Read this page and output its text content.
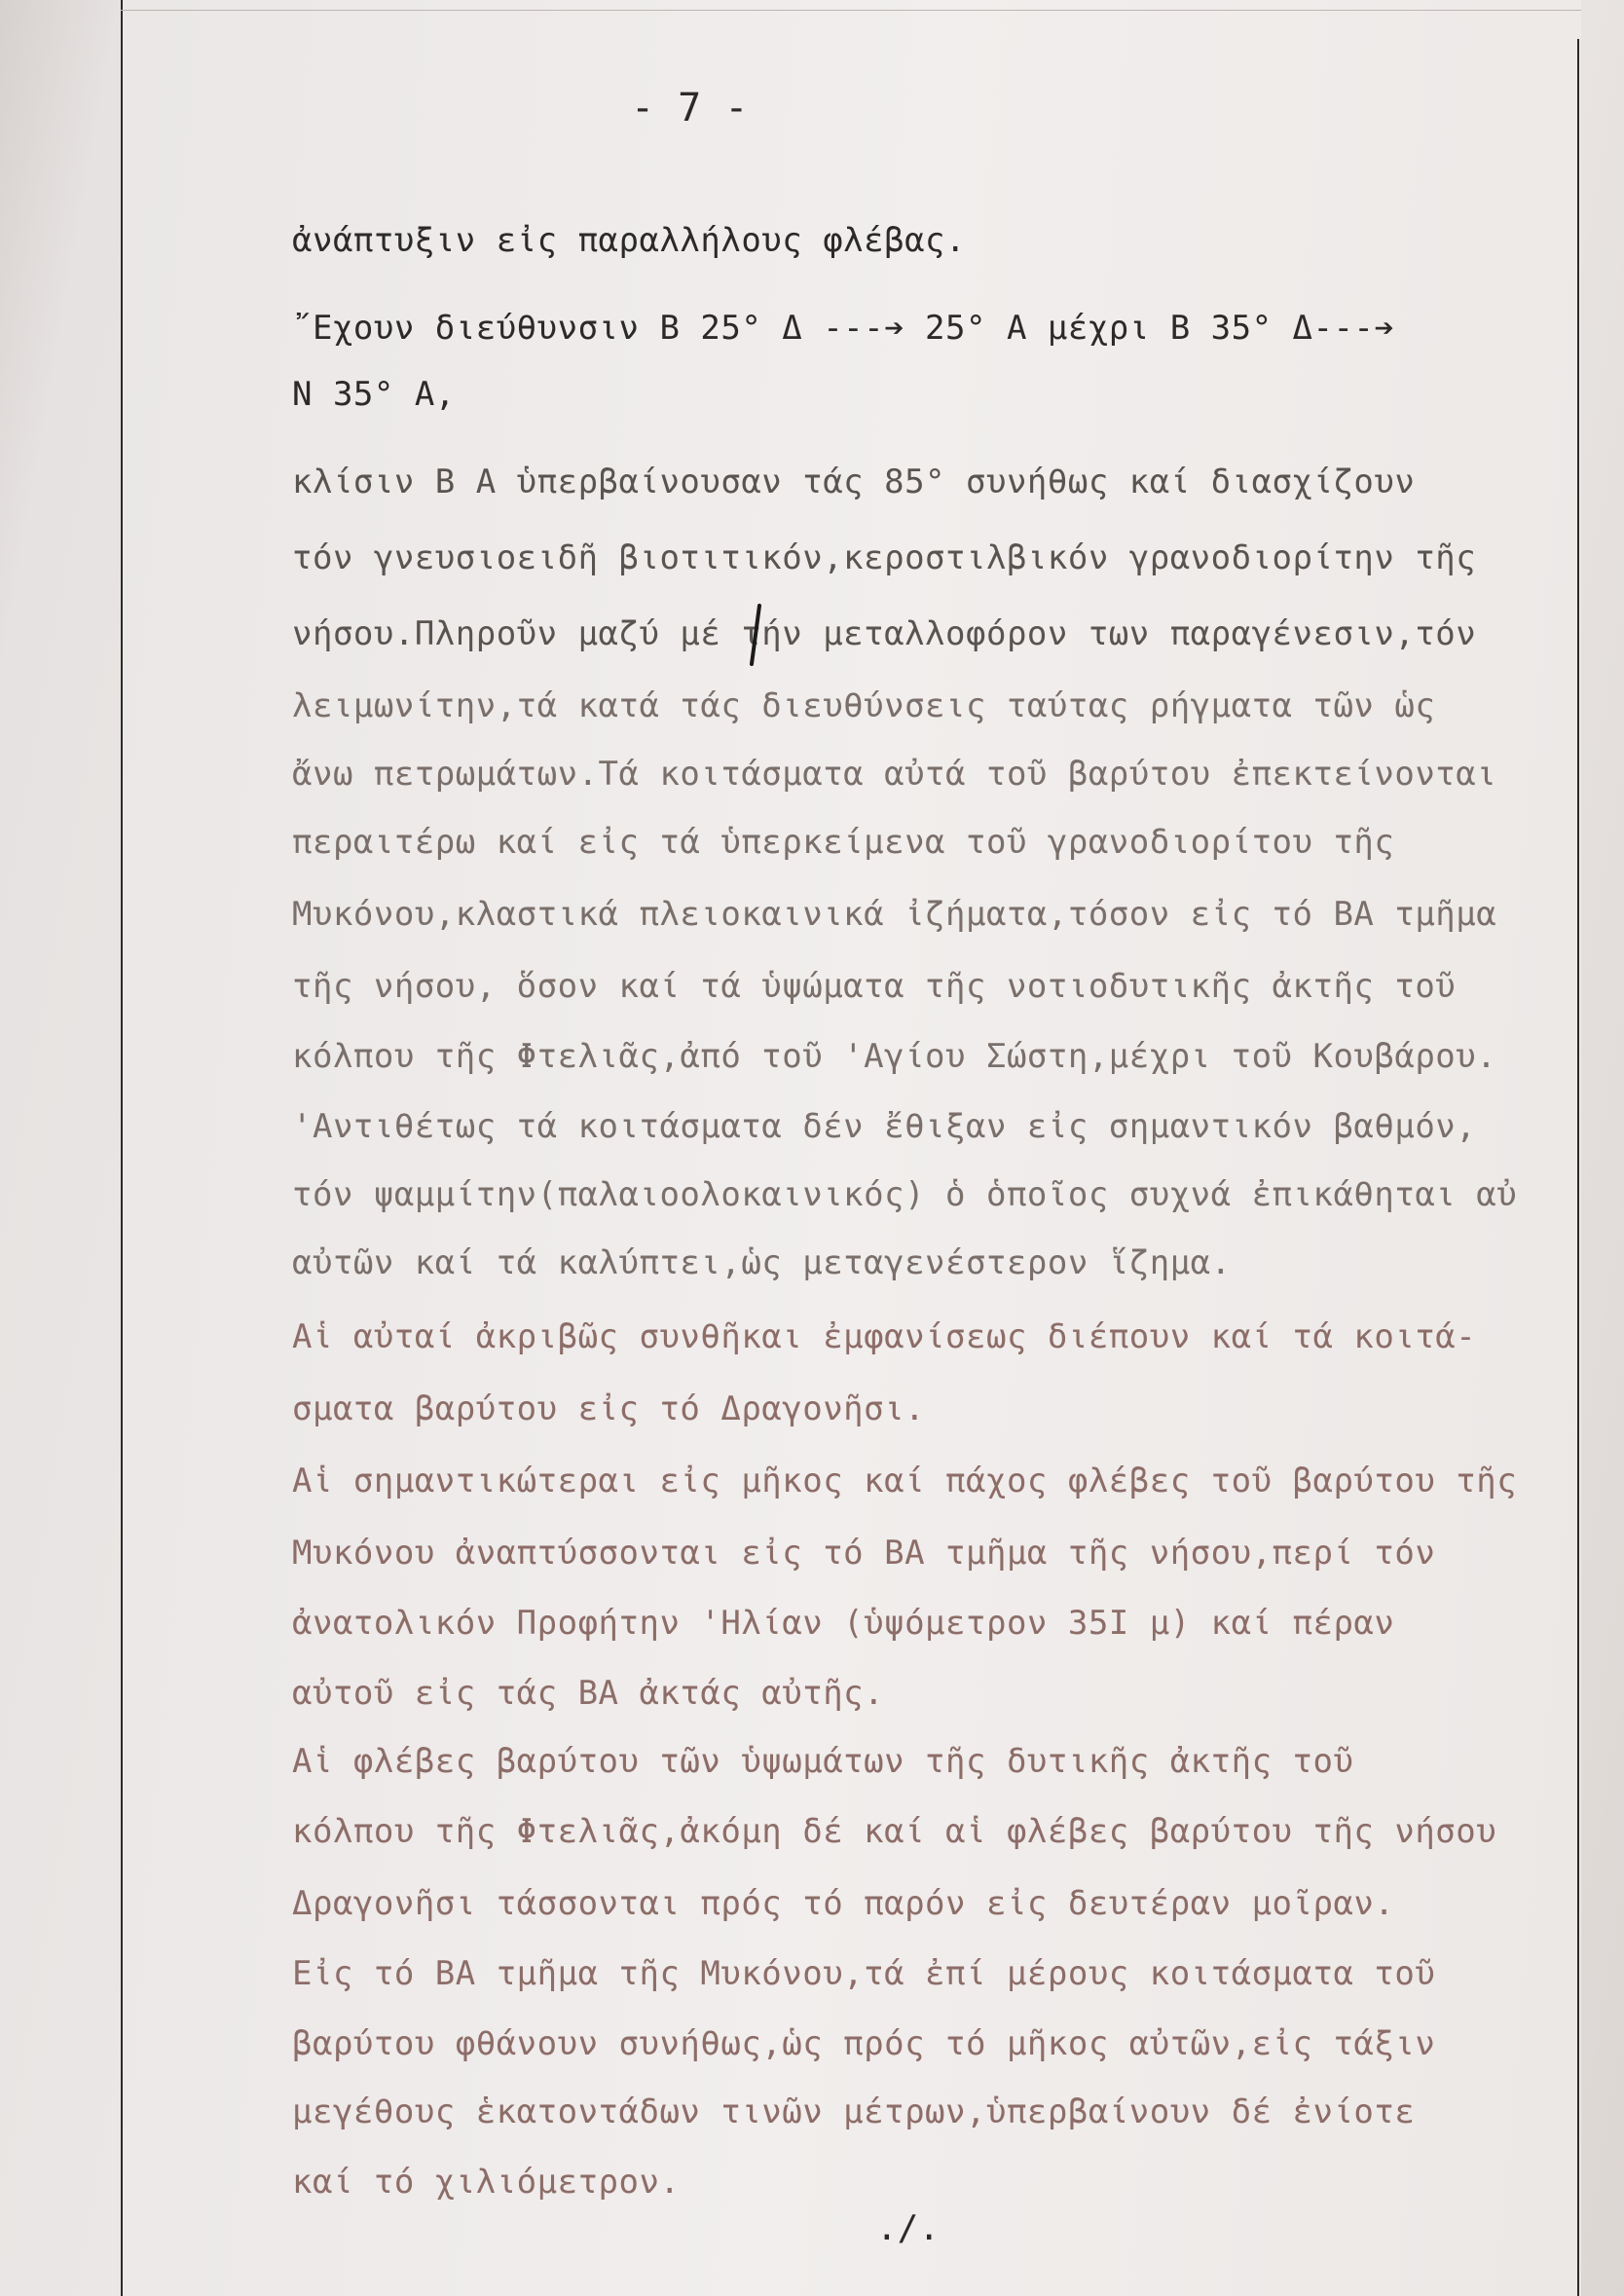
- 7 -
ἀνάπτυξιν εἰς παραλλήλους φλέβας.
῎Εχουν διεύθυνσιν Β 25° Δ ---➔ 25° Α μέχρι Β 35° Δ---➔
Ν 35° Α,
κλίσιν Β Α ὑπερβαίνουσαν τάς 85° συνήθως καί διασχίζουν
τόν γνευσιοειδῆ βιοτιτικόν,κεροστιλβικόν γρανοδιορίτην τῆς
νήσου.Πληροῦν μαζύ μέ τήν μεταλλοφόρον των παραγένεσιν,τόν
λειμωνίτην,τά κατά τάς διευθύνσεις ταύτας ρήγματα τῶν ὡς
ἄνω πετρωμάτων.Τά κοιτάσματα αὐτά τοῦ βαρύτου ἐπεκτείνονται
περαιτέρω καί εἰς τά ὑπερκείμενα τοῦ γρανοδιορίτου τῆς
Μυκόνου,κλαστικά πλειοκαινικά ἰζήματα,τόσον εἰς τό ΒΑ τμῆμα
τῆς νήσου, ὅσον καί τά ὑψώματα τῆς νοτιοδυτικῆς ἀκτῆς τοῦ
κόλπου τῆς Φτελιᾶς,ἀπό τοῦ 'Αγίου Σώστη,μέχρι τοῦ Κουβάρου.
'Αντιθέτως τά κοιτάσματα δέν ἔθιξαν εἰς σημαντικόν βαθμόν,
τόν ψαμμίτην(παλαιοολοκαινικός) ὁ ὁποῖος συχνά ἐπικάθηται αὐ
αὐτῶν καί τά καλύπτει,ὡς μεταγενέστερον ἵζημα.
Αἱ αὐταί ἀκριβῶς συνθῆκαι ἐμφανίσεως διέπουν καί τά κοιτά-
σματα βαρύτου εἰς τό Δραγονῆσι.
Αἱ σημαντικώτεραι εἰς μῆκος καί πάχος φλέβες τοῦ βαρύτου τῆς
Μυκόνου ἀναπτύσσονται εἰς τό ΒΑ τμῆμα τῆς νήσου,περί τόν
ἀνατολικόν Προφήτην 'Ηλίαν (ὑψόμετρον 35I μ) καί πέραν
αὐτοῦ εἰς τάς ΒΑ ἀκτάς αὐτῆς.
Αἱ φλέβες βαρύτου τῶν ὑψωμάτων τῆς δυτικῆς ἀκτῆς τοῦ
κόλπου τῆς Φτελιᾶς,ἀκόμη δέ καί αἱ φλέβες βαρύτου τῆς νήσου
Δραγονῆσι τάσσονται πρός τό παρόν εἰς δευτέραν μοῖραν.
Εἰς τό ΒΑ τμῆμα τῆς Μυκόνου,τά ἐπί μέρους κοιτάσματα τοῦ
βαρύτου φθάνουν συνήθως,ὡς πρός τό μῆκος αὐτῶν,εἰς τάξιν
μεγέθους ἑκατοντάδων τινῶν μέτρων,ὑπερβαίνουν δέ ἐνίοτε
καί τό χιλιόμετρον.
./.
